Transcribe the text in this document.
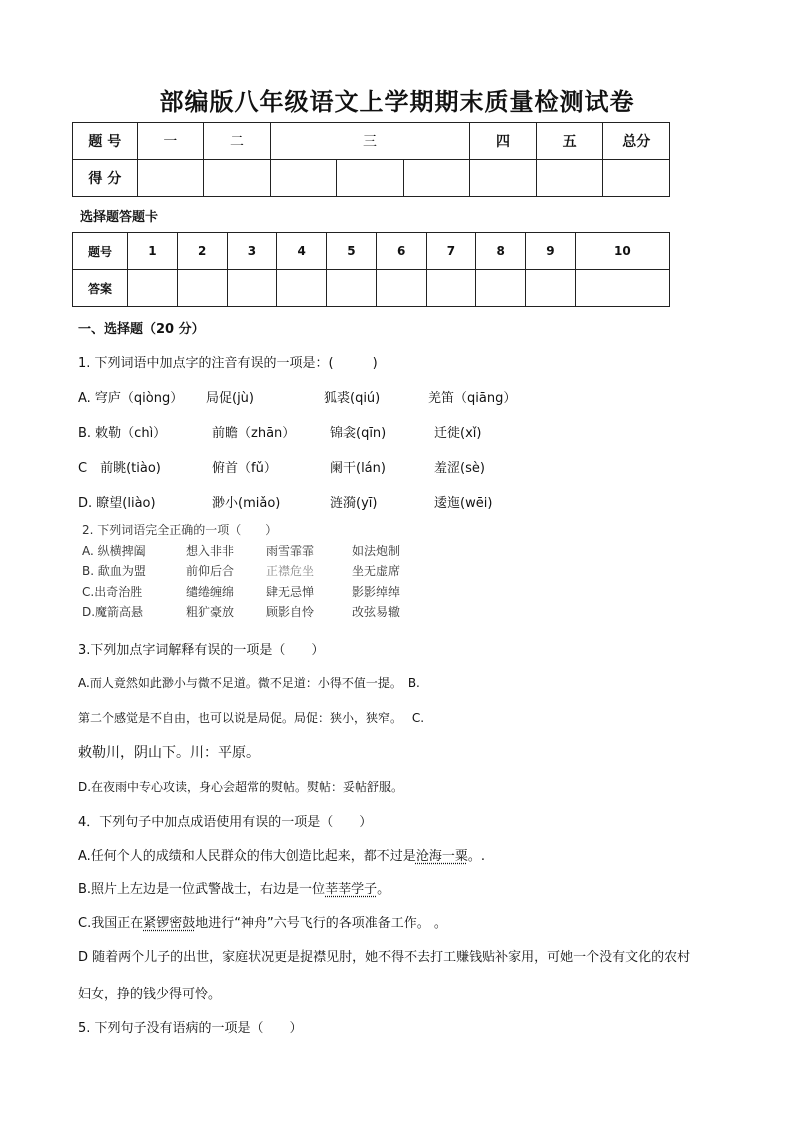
部编版八年级语文上学期期末质量检测试卷
题 号	一	二	三			四	五	总分
得 分								
选择题答题卡
题号	1	2	3	4	5	6	7	8	9	10
答案										
一、选择题（20 分）
1. 下列词语中加点字的注音有误的一项是：(　　　)
A. 穹庐（qiòng） 局促(jù)	狐裘(qiú)	羌笛（qiāng）
B. 敕勒（chì）	前瞻（zhān）	锦衾(qīn)	迁徙(xǐ)
C　前眺(tiào)	俯首（fǔ）	阑干(lán)	羞涩(sè)
D. 瞭望(liào)	渺小(miǎo)	涟漪(yī)	逶迤(wēi)
2. 下列词语完全正确的一项（　　）
A. 纵横捭阖	想入非非	雨雪霏霏	如法炮制
B. 歃血为盟	前仰后合	正襟危坐	坐无虚席
C.出奇治胜	缱绻缠绵	肆无忌惮	影影绰绰
D.魔箭高悬	粗犷豪放	顾影自怜	改弦易辙
3.下列加点字词解释有误的一项是（　　）
A.而人竟然如此渺小与微不足道。微不足道：小得不值一提。　B.
第二个感觉是不自由，也可以说是局促。局促：狭小，狭窄。　 C.
敕勒川，阴山下。川：平原。
D.在夜雨中专心攻读，身心会超常的熨帖。熨帖：妥帖舒服。
4．下列句子中加点成语使用有误的一项是（　　）
A.任何个人的成绩和人民群众的伟大创造比起来，都不过是沧海一粟。.
B.照片上左边是一位武警战士，右边是一位莘莘学子。
C.我国正在紧锣密鼓地进行“神舟”六号飞行的各项准备工作。 。
D 随着两个儿子的出世，家庭状况更是捉襟见肘，她不得不去打工赚钱贴补家用，可她一个没有文化的农村
妇女，挣的钱少得可怜。
5. 下列句子没有语病的一项是（　　）
